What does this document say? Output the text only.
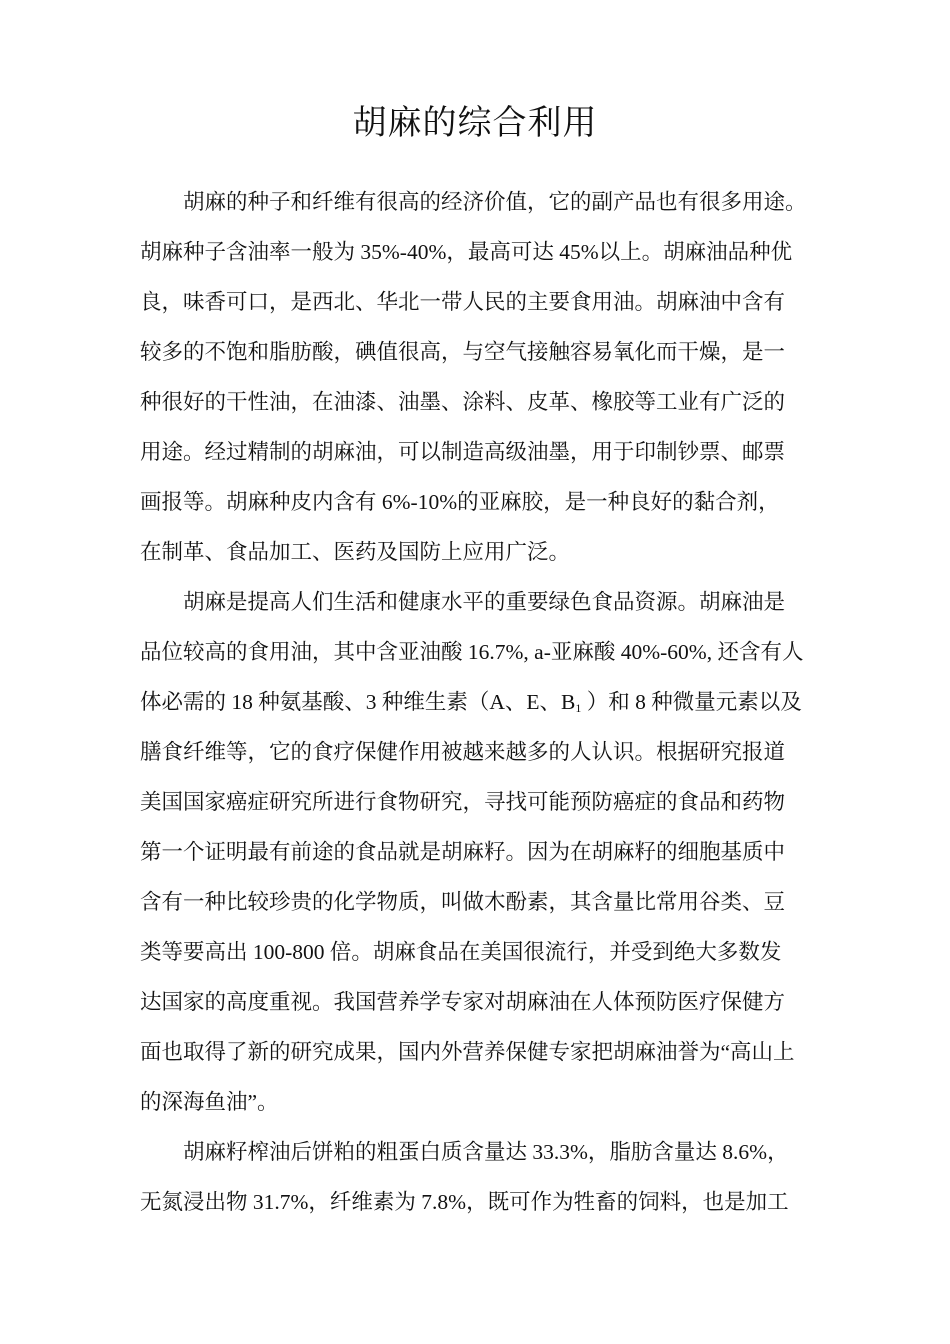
胡麻的综合利用
胡麻的种子和纤维有很高的经济价值，它的副产品也有很多用途。
胡麻种子含油率一般为 35%-40%，最高可达 45%以上。胡麻油品种优
良，味香可口，是西北、华北一带人民的主要食用油。胡麻油中含有
较多的不饱和脂肪酸，碘值很高，与空气接触容易氧化而干燥，是一
种很好的干性油，在油漆、油墨、涂料、皮革、橡胶等工业有广泛的
用途。经过精制的胡麻油，可以制造高级油墨，用于印制钞票、邮票
画报等。胡麻种皮内含有 6%-10%的亚麻胶，是一种良好的黏合剂，
在制革、食品加工、医药及国防上应用广泛。
胡麻是提高人们生活和健康水平的重要绿色食品资源。胡麻油是
品位较高的食用油，其中含亚油酸 16.7%, a-亚麻酸 40%-60%, 还含有人
体必需的 18 种氨基酸、3 种维生素（A、E、$B_1$ ）和 8 种微量元素以及
膳食纤维等，它的食疗保健作用被越来越多的人认识。根据研究报道
美国国家癌症研究所进行食物研究，寻找可能预防癌症的食品和药物
第一个证明最有前途的食品就是胡麻籽。因为在胡麻籽的细胞基质中
含有一种比较珍贵的化学物质，叫做木酚素，其含量比常用谷类、豆
类等要高出 100-800 倍。胡麻食品在美国很流行，并受到绝大多数发
达国家的高度重视。我国营养学专家对胡麻油在人体预防医疗保健方
面也取得了新的研究成果，国内外营养保健专家把胡麻油誉为“高山上
的深海鱼油”。
胡麻籽榨油后饼粕的粗蛋白质含量达 33.3%，脂肪含量达 8.6%，
无氮浸出物 31.7%，纤维素为 7.8%，既可作为牲畜的饲料，也是加工
